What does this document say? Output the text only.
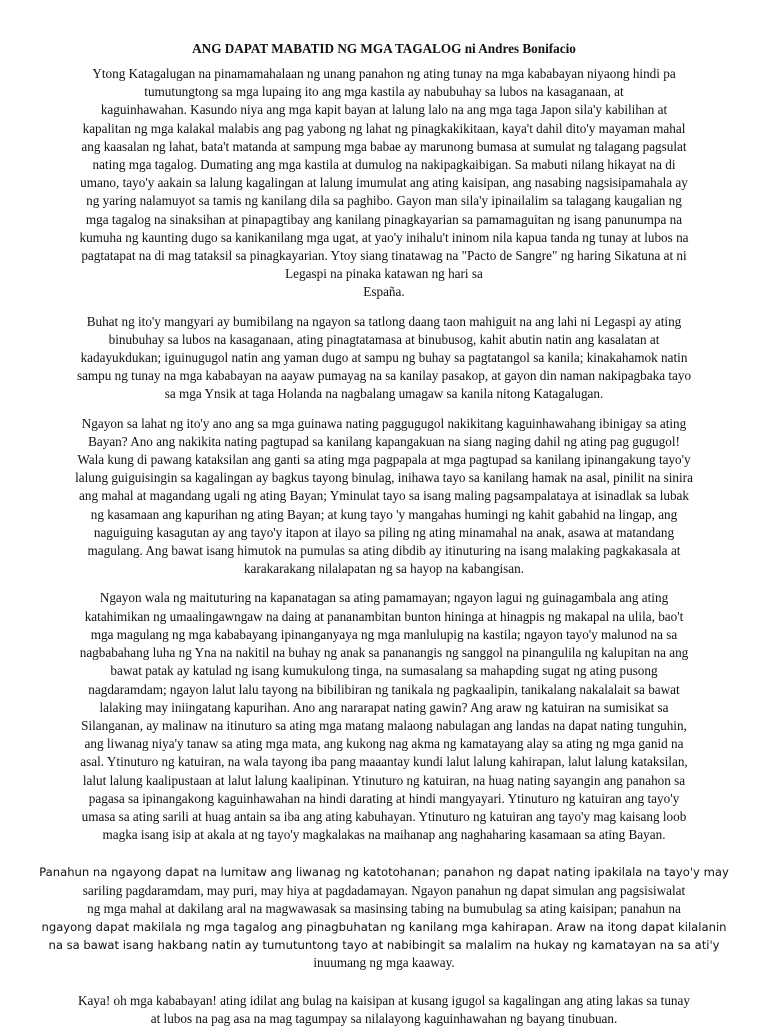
ANG DAPAT MABATID NG MGA TAGALOG ni Andres Bonifacio
Ytong Katagalugan na pinamamahalaan ng unang panahon ng ating tunay na mga kababayan niyaong hindi pa
tumutungtong sa mga lupaing ito ang mga kastila ay nabubuhay sa lubos na kasaganaan, at
kaguinhawahan. Kasundo niya ang mga kapit bayan at lalung lalo na ang mga taga Japon sila'y kabilihan at
kapalitan ng mga kalakal malabis ang pag yabong ng lahat ng pinagkakikitaan, kaya't dahil dito'y mayaman mahal
ang kaasalan ng lahat, bata't matanda at sampung mga babae ay marunong bumasa at sumulat ng talagang pagsulat
nating mga tagalog. Dumating ang mga kastila at dumulog na nakipagkaibigan. Sa mabuti nilang hikayat na di
umano, tayo'y aakain sa lalung kagalingan at lalung imumulat ang ating kaisipan, ang nasabing nagsisipamahala ay
ng yaring nalamuyot sa tamis ng kanilang dila sa paghibo. Gayon man sila'y ipinailalim sa talagang kaugalian ng
mga tagalog na sinaksihan at pinapagtibay ang kanilang pinagkayarian sa pamamaguitan ng isang panunumpa na
kumuha ng kaunting dugo sa kanikanilang mga ugat, at yao'y inihalu't ininom nila kapua tanda ng tunay at lubos na
pagtatapat na di mag tataksil sa pinagkayarian. Ytoy siang tinatawag na "Pacto de Sangre" ng haring Sikatuna at ni
Legaspi na pinaka katawan ng hari sa
España.
Buhat ng ito'y mangyari ay bumibilang na ngayon sa tatlong daang taon mahiguit na ang lahi ni Legaspi ay ating
binubuhay sa lubos na kasaganaan, ating pinagtatamasa at binubusog, kahit abutin natin ang kasalatan at
kadayukdukan; iguinugugol natin ang yaman dugo at sampu ng buhay sa pagtatangol sa kanila; kinakahamok natin
sampu ng tunay na mga kababayan na aayaw pumayag na sa kanilay pasakop, at gayon din naman nakipagbaka tayo
sa mga Ynsik at taga Holanda na nagbalang umagaw sa kanila nitong Katagalugan.
Ngayon sa lahat ng ito'y ano ang sa mga guinawa nating paggugugol nakikitang kaguinhawahang ibinigay sa ating
Bayan? Ano ang nakikita nating pagtupad sa kanilang kapangakuan na siang naging dahil ng ating pag gugugol!
Wala kung di pawang kataksilan ang ganti sa ating mga pagpapala at mga pagtupad sa kanilang ipinangakung tayo'y
lalung guiguisingin sa kagalingan ay bagkus tayong binulag, inihawa tayo sa kanilang hamak na asal, pinilit na sinira
ang mahal at magandang ugali ng ating Bayan; Yminulat tayo sa isang maling pagsampalataya at isinadlak sa lubak
ng kasamaan ang kapurihan ng ating Bayan; at kung tayo 'y mangahas humingi ng kahit gabahid na lingap, ang
naguiguing kasagutan ay ang tayo'y itapon at ilayo sa piling ng ating minamahal na anak, asawa at matandang
magulang. Ang bawat isang himutok na pumulas sa ating dibdib ay itinuturing na isang malaking pagkakasala at
karakarakang nilalapatan ng sa hayop na kabangisan.
Ngayon wala ng maituturing na kapanatagan sa ating pamamayan; ngayon lagui ng guinagambala ang ating
katahimikan ng umaalingawngaw na daing at pananambitan bunton hininga at hinagpis ng makapal na ulila, bao't
mga magulang ng mga kababayang ipinanganyaya ng mga manlulupig na kastila; ngayon tayo'y malunod na sa
nagbabahang luha ng Yna na nakitil na buhay ng anak sa pananangis ng sanggol na pinangulila ng kalupitan na ang
bawat patak ay katulad ng isang kumukulong tinga, na sumasalang sa mahapding sugat ng ating pusong
nagdaramdam; ngayon lalut lalu tayong na bibilibiran ng tanikala ng pagkaalipin, tanikalang nakalalait sa bawat
lalaking may iniingatang kapurihan. Ano ang nararapat nating gawin? Ang araw ng katuiran na sumisikat sa
Silanganan, ay malinaw na itinuturo sa ating mga matang malaong nabulagan ang landas na dapat nating tunguhin,
ang liwanag niya'y tanaw sa ating mga mata, ang kukong nag akma ng kamatayang alay sa ating ng mga ganid na
asal. Ytinuturo ng katuiran, na wala tayong iba pang maaantay kundi lalut lalung kahirapan, lalut lalung kataksilan,
lalut lalung kaalipustaan at lalut lalung kaalipinan. Ytinuturo ng katuiran, na huag nating sayangin ang panahon sa
pagasa sa ipinangakong kaguinhawahan na hindi darating at hindi mangyayari. Ytinuturo ng katuiran ang tayo'y
umasa sa ating sarili at huag antain sa iba ang ating kabuhayan. Ytinuturo ng katuiran ang tayo'y mag kaisang loob
magka isang isip at akala at ng tayo'y magkalakas na maihanap ang naghaharing kasamaan sa ating Bayan.
Panahun na ngayong dapat na lumitaw ang liwanag ng katotohanan; panahon ng dapat nating ipakilala na tayo'y may
sariling pagdaramdam, may puri, may hiya at pagdadamayan. Ngayon panahun ng dapat simulan ang pagsisiwalat
ng mga mahal at dakilang aral na magwawasak sa masinsing tabing na bumubulag sa ating kaisipan; panahun na
ngayong dapat makilala ng mga tagalog ang pinagbuhatan ng kanilang mga kahirapan. Araw na itong dapat kilalanin
na sa bawat isang hakbang natin ay tumutuntong tayo at nabibingit sa malalim na hukay ng kamatayan na sa ati'y
inuumang ng mga kaaway.
Kaya! oh mga kababayan! ating idilat ang bulag na kaisipan at kusang igugol sa kagalingan ang ating lakas sa tunay
at lubos na pag asa na mag tagumpay sa nilalayong kaguinhawahan ng bayang tinubuan.
